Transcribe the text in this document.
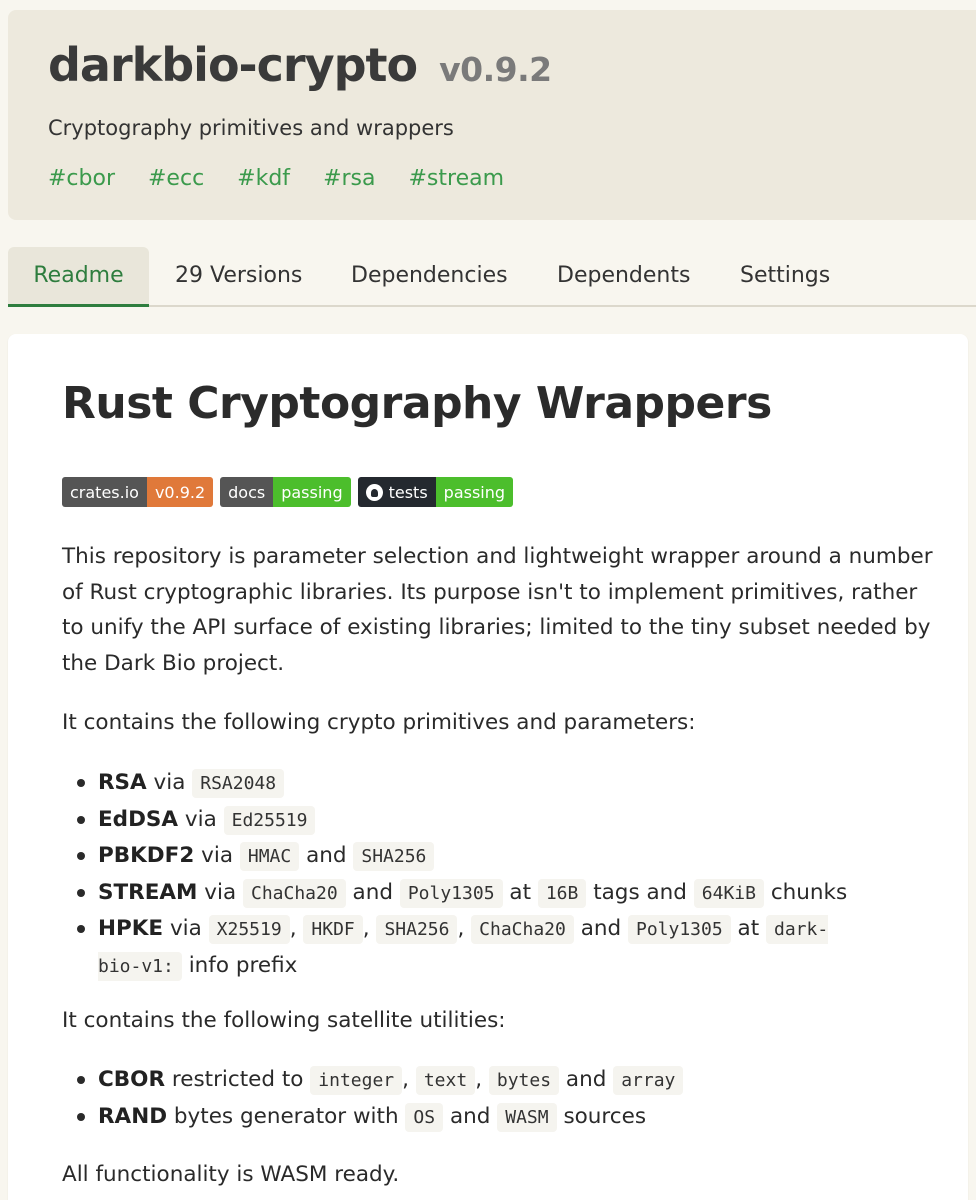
darkbio-crypto v0.9.2
Cryptography primitives and wrappers
#cbor #ecc #kdf #rsa #stream
Readme	29 Versions Dependencies Dependents Settings
Rust Cryptography Wrappers
crates.io	v0.9.2	docs	passing	tests	passing

This repository is parameter selection and lightweight wrapper around a number of Rust cryptographic libraries. Its purpose isn't to implement primitives, rather to unify the API surface of existing libraries; limited to the tiny subset needed by the Dark Bio project.

It contains the following crypto primitives and parameters:

RSA via RSA2048
EdDSA via Ed25519
PBKDF2 via HMAC and SHA256
STREAM via ChaCha20 and Poly1305 at 16B tags and 64KiB chunks
HPKE via X25519 , HKDF , SHA256 , ChaCha20 and Poly1305 at dark-bio-v1: info prefix

It contains the following satellite utilities:

CBOR restricted to integer , text , bytes and array
RAND bytes generator with OS and WASM sources

All functionality is WASM ready.
